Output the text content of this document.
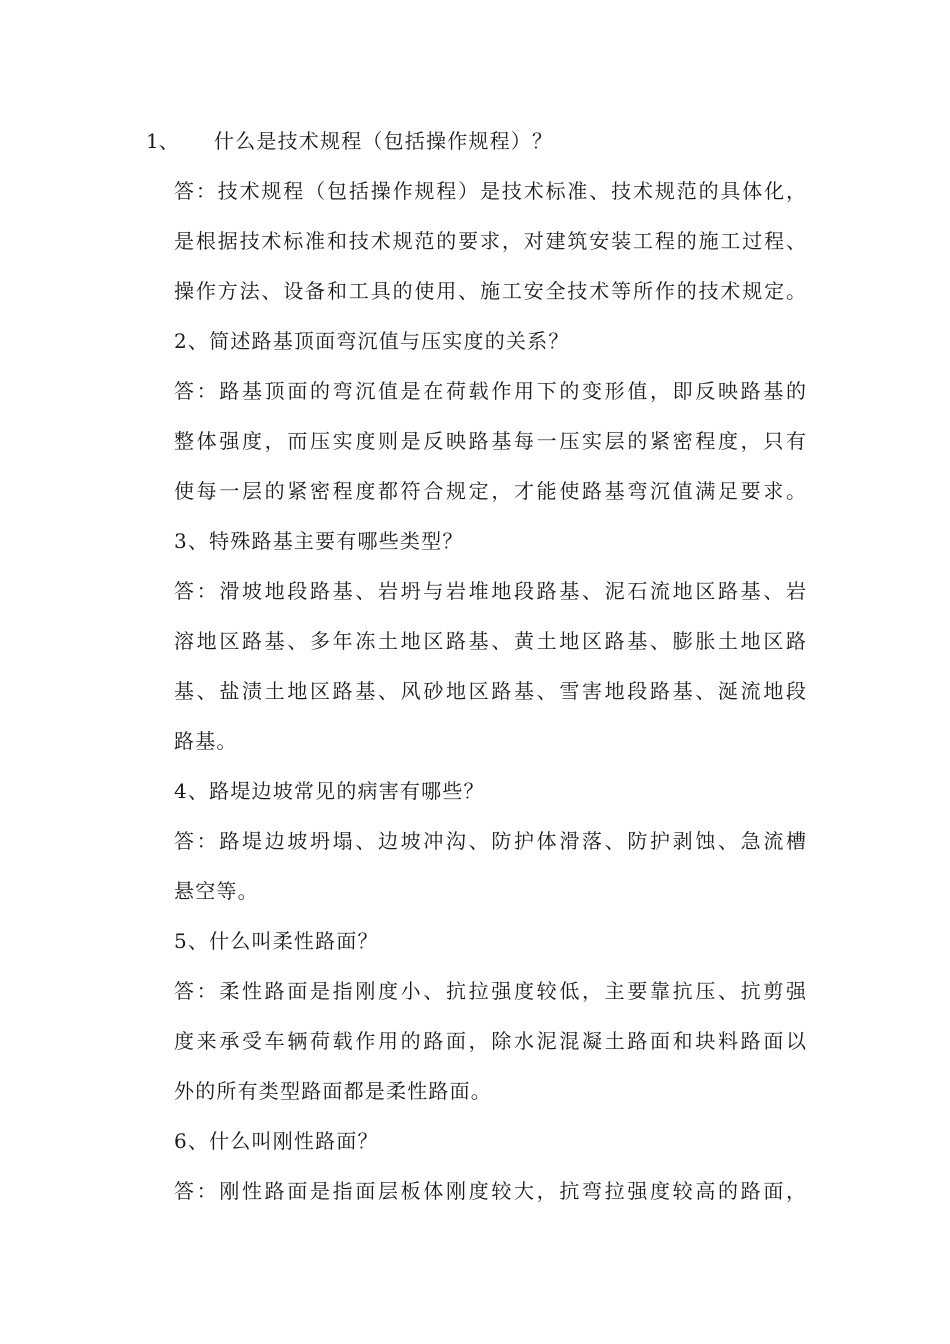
1、 什么是技术规程（包括操作规程）？
答：技术规程（包括操作规程）是技术标准、技术规范的具体化，
是根据技术标准和技术规范的要求，对建筑安装工程的施工过程、
操作方法、设备和工具的使用、施工安全技术等所作的技术规定。
2、简述路基顶面弯沉值与压实度的关系？
答：路基顶面的弯沉值是在荷载作用下的变形值，即反映路基的
整体强度，而压实度则是反映路基每一压实层的紧密程度，只有
使每一层的紧密程度都符合规定，才能使路基弯沉值满足要求。
3、特殊路基主要有哪些类型？
答：滑坡地段路基、岩坍与岩堆地段路基、泥石流地区路基、岩
溶地区路基、多年冻土地区路基、黄土地区路基、膨胀土地区路
基、盐渍土地区路基、风砂地区路基、雪害地段路基、涎流地段
路基。
4、路堤边坡常见的病害有哪些？
答：路堤边坡坍塌、边坡冲沟、防护体滑落、防护剥蚀、急流槽
悬空等。
5、什么叫柔性路面？
答：柔性路面是指刚度小、抗拉强度较低，主要靠抗压、抗剪强
度来承受车辆荷载作用的路面，除水泥混凝土路面和块料路面以
外的所有类型路面都是柔性路面。
6、什么叫刚性路面？
答：刚性路面是指面层板体刚度较大，抗弯拉强度较高的路面，
